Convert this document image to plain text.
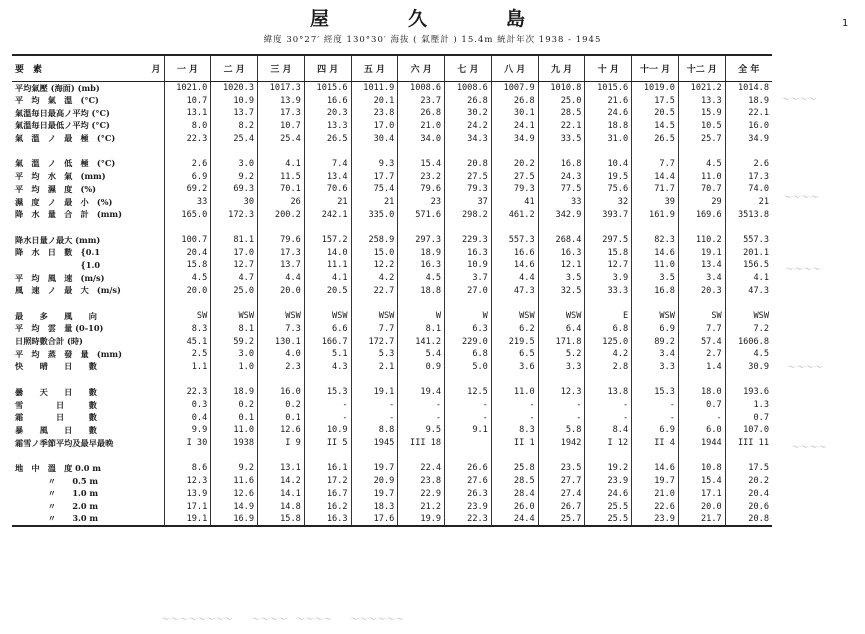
屋　久　島	1
緯度 30°27′ 經度 130°30′ 海抜 ( 氣壓計 ) 15.4m 統計年次 1938 - 1945
要　素 月	一 月	二 月	三 月	四 月	五 月	六 月	七 月	八 月	九 月	十 月	十一 月	十二 月	全 年
平均氣壓 (海面) (mb)	1021.0	1020.3	1017.3	1015.6	1011.9	1008.6	1008.6	1007.9	1010.8	1015.6	1019.0	1021.2	1014.8
平　均　氣　溫　(°C)	10.7	10.9	13.9	16.6	20.1	23.7	26.8	26.8	25.0	21.6	17.5	13.3	18.9
氣溫毎日最高ノ平均 (°C)	13.1	13.7	17.3	20.3	23.8	26.8	30.2	30.1	28.5	24.6	20.5	15.9	22.1
氣溫毎日最低ノ平均 (°C)	8.0	8.2	10.7	13.3	17.0	21.0	24.2	24.1	22.1	18.8	14.5	10.5	16.0
氣　溫　ノ　最　極　(°C)	22.3	25.4	25.4	26.5	30.4	34.0	34.3	34.9	33.5	31.0	26.5	25.7	34.9

氣　溫　ノ　低　極　(°C)	2.6	3.0	4.1	7.4	9.3	15.4	20.8	20.2	16.8	10.4	7.7	4.5	2.6
平　均　水　氣　(mm)	6.9	9.2	11.5	13.4	17.7	23.2	27.5	27.5	24.3	19.5	14.4	11.0	17.3
平　均　濕　度　(%)	69.2	69.3	70.1	70.6	75.4	79.6	79.3	79.3	77.5	75.6	71.7	70.7	74.0
濕　度　ノ　最　小　(%)	33	30	26	21	21	23	37	41	33	32	39	29	21
降　水　量　合　計　(mm)	165.0	172.3	200.2	242.1	335.0	571.6	298.2	461.2	342.9	393.7	161.9	169.6	3513.8

降水日量ノ最大 (mm)	100.7	81.1	79.6	157.2	258.9	297.3	229.3	557.3	268.4	297.5	82.3	110.2	557.3
降　水　日　數　{0.1	20.4	17.0	17.3	14.0	15.0	18.9	16.3	16.6	16.3	15.8	14.6	19.1	201.1
　　　　　　　　{1.0	15.8	12.7	13.7	11.1	12.2	16.3	10.9	14.6	12.1	12.7	11.0	13.4	156.5
平　均　風　速　(m/s)	4.5	4.7	4.4	4.1	4.2	4.5	3.7	4.4	3.5	3.9	3.5	3.4	4.1
風　速　ノ　最　大　(m/s)	20.0	25.0	20.0	20.5	22.7	18.8	27.0	47.3	32.5	33.3	16.8	20.3	47.3

最　　多　　風　　向	SW	WSW	WSW	WSW	WSW	W	W	WSW	WSW	E	WSW	SW	WSW
平　均　雲　量 (0-10)	8.3	8.1	7.3	6.6	7.7	8.1	6.3	6.2	6.4	6.8	6.9	7.7	7.2
日照時數合計 (時)	45.1	59.2	130.1	166.7	172.7	141.2	229.0	219.5	171.8	125.0	89.2	57.4	1606.8
平　均　蒸　發　量　(mm)	2.5	3.0	4.0	5.1	5.3	5.4	6.8	6.5	5.2	4.2	3.4	2.7	4.5
快　　晴　　日　　數	1.1	1.0	2.3	4.3	2.1	0.9	5.0	3.6	3.3	2.8	3.3	1.4	30.9

曇　　天　　日　　數	22.3	18.9	16.0	15.3	19.1	19.4	12.5	11.0	12.3	13.8	15.3	18.0	193.6
雪　　　　日　　　數	0.3	0.2	0.2	-	-	-	-	-	-	-	-	0.7	1.3
霜　　　　日　　　數	0.4	0.1	0.1	-	-	-	-	-	-	-	-	-	0.7
暴　　風　　日　　數	9.9	11.0	12.6	10.9	8.8	9.5	9.1	8.3	5.8	8.4	6.9	6.0	107.0
霜雪ノ季節平均及最早最晩	I 30	1938	I 9	II 5	1945	III 18		II 1	1942	I 12	II 4	1944	III 11

地　中　溫　度 0.0 m	8.6	9.2	13.1	16.1	19.7	22.4	26.6	25.8	23.5	19.2	14.6	10.8	17.5
　　　　〃　　0.5 m	12.3	11.6	14.2	17.2	20.9	23.8	27.6	28.5	27.7	23.9	19.7	15.4	20.2
　　　　〃　　1.0 m	13.9	12.6	14.1	16.7	19.7	22.9	26.3	28.4	27.4	24.6	21.0	17.1	20.4
　　　　〃　　2.0 m	17.1	14.9	14.8	16.2	18.3	21.2	23.9	26.0	26.7	25.5	22.6	20.0	20.6
　　　　〃　　3.0 m	19.1	16.9	15.8	16.3	17.6	19.9	22.3	24.4	25.7	25.5	23.9	21.7	20.8
〜〜〜〜
〜〜〜〜
〜〜〜〜
〜〜〜〜
〜〜〜〜
〜〜〜〜〜〜〜〜　　〜〜〜〜　〜〜〜〜　　〜〜〜〜〜〜
